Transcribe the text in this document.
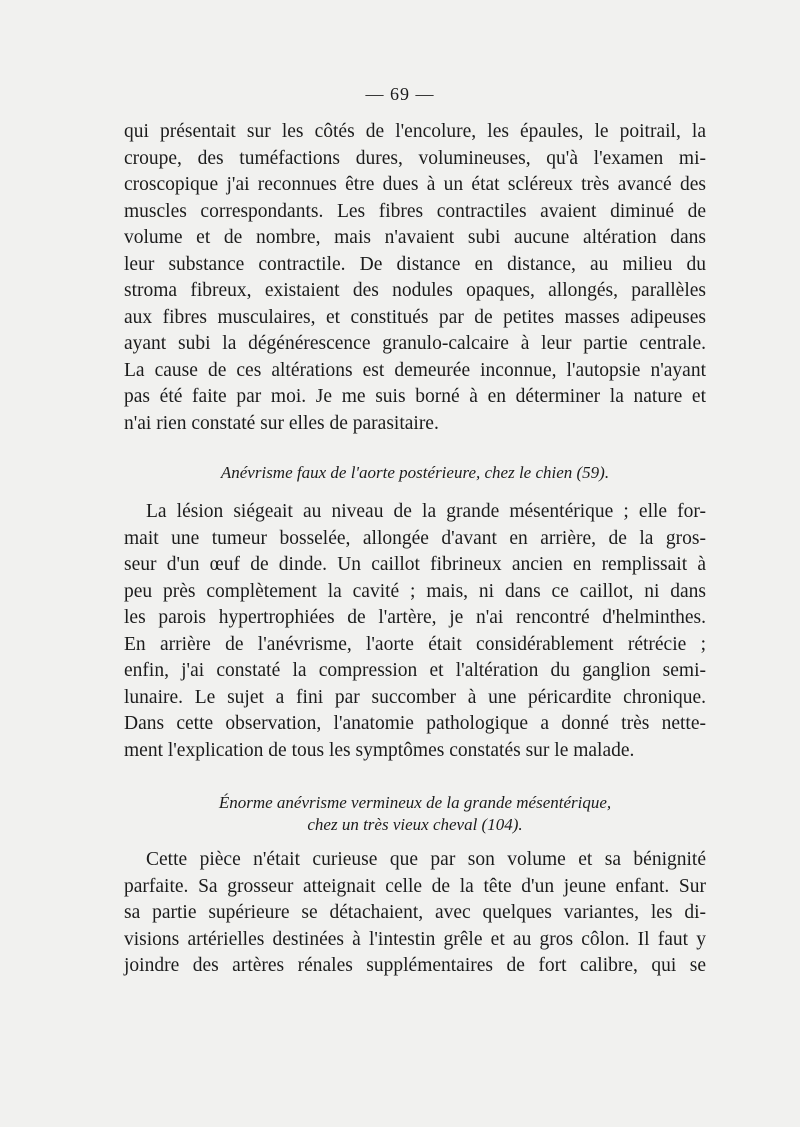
— 69 —

qui présentait sur les côtés de l'encolure, les épaules, le poitrail, la
croupe, des tuméfactions dures, volumineuses, qu'à l'examen mi-
croscopique j'ai reconnues être dues à un état scléreux très avancé des
muscles correspondants. Les fibres contractiles avaient diminué de
volume et de nombre, mais n'avaient subi aucune altération dans
leur substance contractile. De distance en distance, au milieu du
stroma fibreux, existaient des nodules opaques, allongés, parallèles
aux fibres musculaires, et constitués par de petites masses adipeuses
ayant subi la dégénérescence granulo-calcaire à leur partie centrale.
La cause de ces altérations est demeurée inconnue, l'autopsie n'ayant
pas été faite par moi. Je me suis borné à en déterminer la nature et
n'ai rien constaté sur elles de parasitaire.

Anévrisme faux de l'aorte postérieure, chez le chien (59).

La lésion siégeait au niveau de la grande mésentérique ; elle for-
mait une tumeur bosselée, allongée d'avant en arrière, de la gros-
seur d'un œuf de dinde. Un caillot fibrineux ancien en remplissait à
peu près complètement la cavité ; mais, ni dans ce caillot, ni dans
les parois hypertrophiées de l'artère, je n'ai rencontré d'helminthes.
En arrière de l'anévrisme, l'aorte était considérablement rétrécie ;
enfin, j'ai constaté la compression et l'altération du ganglion semi-
lunaire. Le sujet a fini par succomber à une péricardite chronique.
Dans cette observation, l'anatomie pathologique a donné très nette-
ment l'explication de tous les symptômes constatés sur le malade.

Énorme anévrisme vermineux de la grande mésentérique,
chez un très vieux cheval (104).

Cette pièce n'était curieuse que par son volume et sa bénignité
parfaite. Sa grosseur atteignait celle de la tête d'un jeune enfant. Sur
sa partie supérieure se détachaient, avec quelques variantes, les di-
visions artérielles destinées à l'intestin grêle et au gros côlon. Il faut y
joindre des artères rénales supplémentaires de fort calibre, qui se
